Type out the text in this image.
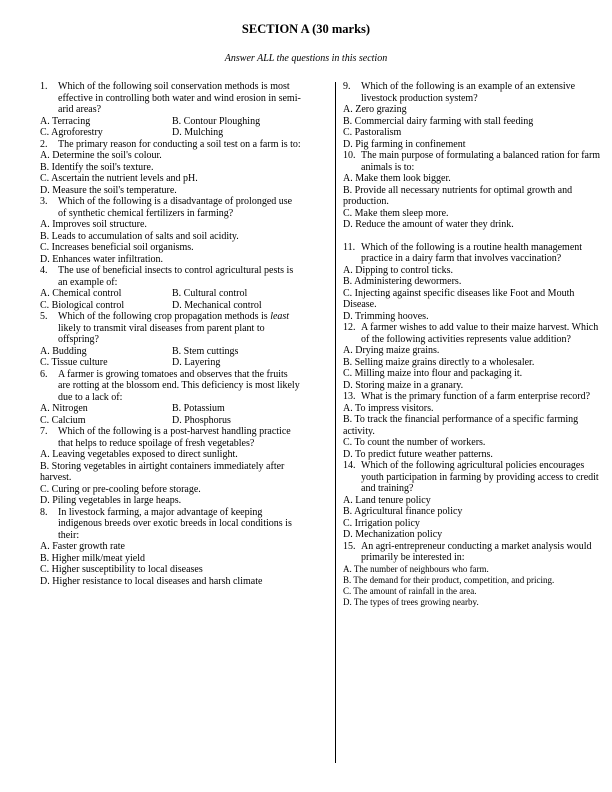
SECTION A (30 marks)
Answer ALL the questions in this section
1.	Which of the following soil conservation methods is most effective in controlling both water and wind erosion in semi-arid areas?
A. Terracing	B. Contour Ploughing
C. Agroforestry	D. Mulching
2.	The primary reason for conducting a soil test on a farm is to:
A. Determine the soil's colour.
B. Identify the soil's texture.
C. Ascertain the nutrient levels and pH.
D. Measure the soil's temperature.
3.	Which of the following is a disadvantage of prolonged use of synthetic chemical fertilizers in farming?
A. Improves soil structure.
B. Leads to accumulation of salts and soil acidity.
C. Increases beneficial soil organisms.
D. Enhances water infiltration.
4.	The use of beneficial insects to control agricultural pests is an example of:
A. Chemical control	B. Cultural control
C. Biological control	D. Mechanical control
5.	Which of the following crop propagation methods is least likely to transmit viral diseases from parent plant to offspring?
A. Budding	B. Stem cuttings
C. Tissue culture	D. Layering
6.	A farmer is growing tomatoes and observes that the fruits are rotting at the blossom end. This deficiency is most likely due to a lack of:
A. Nitrogen	B. Potassium
C. Calcium	D. Phosphorus
7.	Which of the following is a post-harvest handling practice that helps to reduce spoilage of fresh vegetables?
A. Leaving vegetables exposed to direct sunlight.
B. Storing vegetables in airtight containers immediately after harvest.
C. Curing or pre-cooling before storage.
D. Piling vegetables in large heaps.
8.	In livestock farming, a major advantage of keeping indigenous breeds over exotic breeds in local conditions is their:
A. Faster growth rate
B. Higher milk/meat yield
C. Higher susceptibility to local diseases
D. Higher resistance to local diseases and harsh climate
9.	Which of the following is an example of an extensive livestock production system?
A. Zero grazing
B. Commercial dairy farming with stall feeding
C. Pastoralism
D. Pig farming in confinement
10. The main purpose of formulating a balanced ration for farm animals is to:
A. Make them look bigger.
B. Provide all necessary nutrients for optimal growth and production.
C. Make them sleep more.
D. Reduce the amount of water they drink.
11. Which of the following is a routine health management practice in a dairy farm that involves vaccination?
A. Dipping to control ticks.
B. Administering dewormers.
C. Injecting against specific diseases like Foot and Mouth Disease.
D. Trimming hooves.
12. A farmer wishes to add value to their maize harvest. Which of the following activities represents value addition?
A. Drying maize grains.
B. Selling maize grains directly to a wholesaler.
C. Milling maize into flour and packaging it.
D. Storing maize in a granary.
13. What is the primary function of a farm enterprise record?
A. To impress visitors.
B. To track the financial performance of a specific farming activity.
C. To count the number of workers.
D. To predict future weather patterns.
14. Which of the following agricultural policies encourages youth participation in farming by providing access to credit and training?
A. Land tenure policy
B. Agricultural finance policy
C. Irrigation policy
D. Mechanization policy
15. An agri-entrepreneur conducting a market analysis would primarily be interested in:
A. The number of neighbours who farm.
B. The demand for their product, competition, and pricing.
C. The amount of rainfall in the area.
D. The types of trees growing nearby.
